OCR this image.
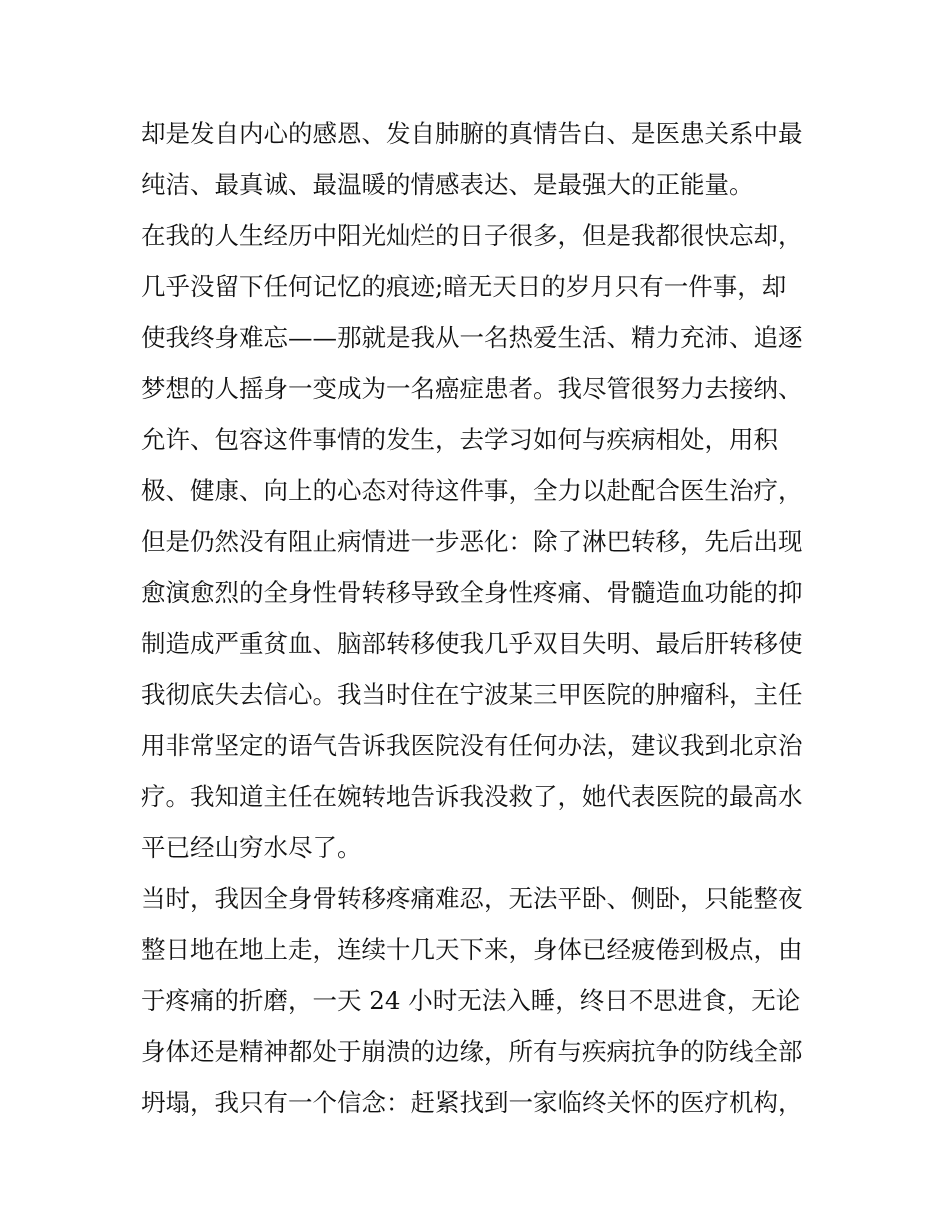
却是发自内心的感恩、发自肺腑的真情告白、是医患关系中最
纯洁、最真诚、最温暖的情感表达、是最强大的正能量。
在我的人生经历中阳光灿烂的日子很多，但是我都很快忘却，
几乎没留下任何记忆的痕迹;暗无天日的岁月只有一件事，却
使我终身难忘——那就是我从一名热爱生活、精力充沛、追逐
梦想的人摇身一变成为一名癌症患者。我尽管很努力去接纳、
允许、包容这件事情的发生，去学习如何与疾病相处，用积
极、健康、向上的心态对待这件事，全力以赴配合医生治疗，
但是仍然没有阻止病情进一步恶化：除了淋巴转移，先后出现
愈演愈烈的全身性骨转移导致全身性疼痛、骨髓造血功能的抑
制造成严重贫血、脑部转移使我几乎双目失明、最后肝转移使
我彻底失去信心。我当时住在宁波某三甲医院的肿瘤科，主任
用非常坚定的语气告诉我医院没有任何办法，建议我到北京治
疗。我知道主任在婉转地告诉我没救了，她代表医院的最高水
平已经山穷水尽了。
当时，我因全身骨转移疼痛难忍，无法平卧、侧卧，只能整夜
整日地在地上走，连续十几天下来，身体已经疲倦到极点，由
于疼痛的折磨，一天 24 小时无法入睡，终日不思进食，无论
身体还是精神都处于崩溃的边缘，所有与疾病抗争的防线全部
坍塌，我只有一个信念：赶紧找到一家临终关怀的医疗机构，
